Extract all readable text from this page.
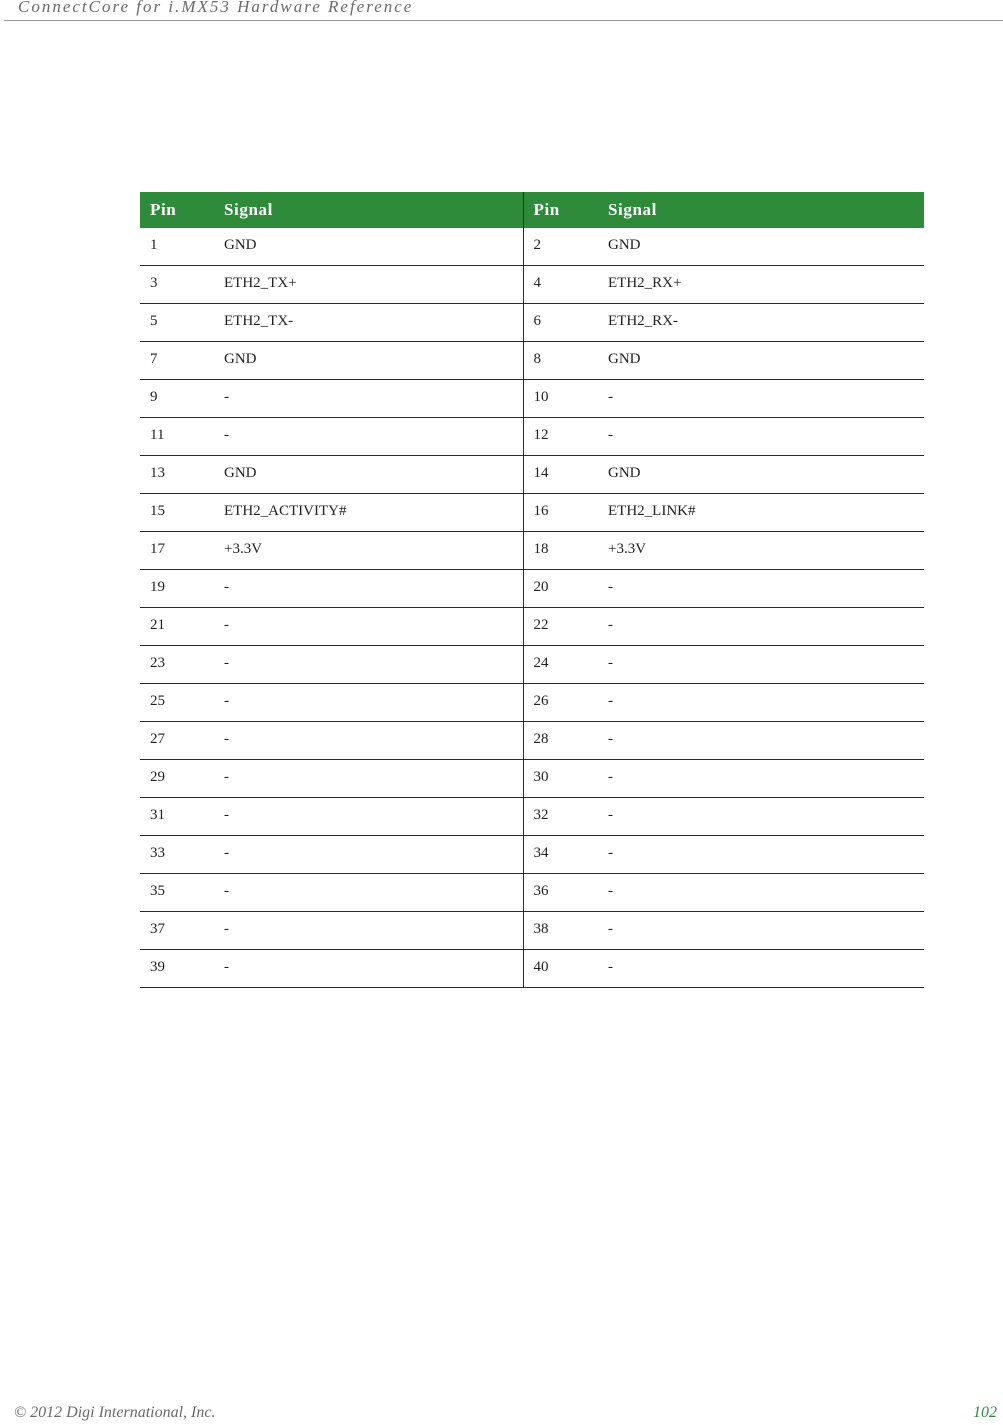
ConnectCore for i.MX53 Hardware Reference
Pin	Signal	Pin	Signal
1	GND	2	GND
3	ETH2_TX+	4	ETH2_RX+
5	ETH2_TX-	6	ETH2_RX-
7	GND	8	GND
9	-	10	-
11	-	12	-
13	GND	14	GND
15	ETH2_ACTIVITY#	16	ETH2_LINK#
17	+3.3V	18	+3.3V
19	-	20	-
21	-	22	-
23	-	24	-
25	-	26	-
27	-	28	-
29	-	30	-
31	-	32	-
33	-	34	-
35	-	36	-
37	-	38	-
39	-	40	-
© 2012 Digi International, Inc.	102
